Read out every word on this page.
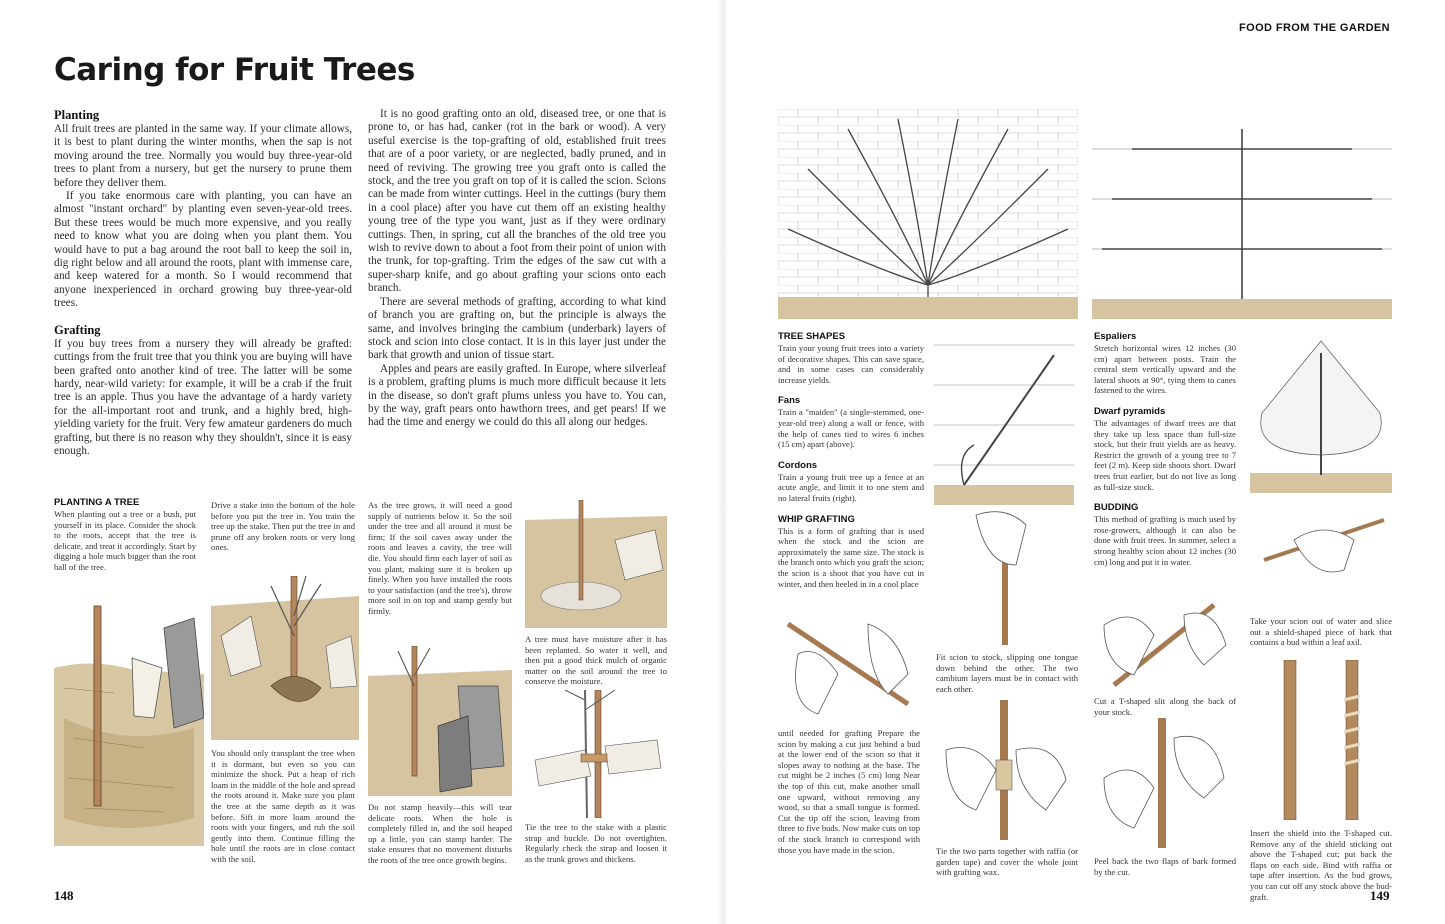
Caring for Fruit Trees
Planting

All fruit trees are planted in the same way. If your climate allows, it is best to plant during the winter months, when the sap is not moving around the tree. Normally you would buy three-year-old trees to plant from a nursery, but get the nursery to prune them before they deliver them.

If you take enormous care with planting, you can have an almost "instant orchard" by planting even seven-year-old trees. But these trees would be much more expensive, and you really need to know what you are doing when you plant them. You would have to put a bag around the root ball to keep the soil in, dig right below and all around the roots, plant with immense care, and keep watered for a month. So I would recommend that anyone inexperienced in orchard growing buy three-year-old trees.

Grafting

If you buy trees from a nursery they will already be grafted: cuttings from the fruit tree that you think you are buying will have been grafted onto another kind of tree. The latter will be some hardy, near-wild variety: for example, it will be a crab if the fruit tree is an apple. Thus you have the advantage of a hardy variety for the all-important root and trunk, and a highly bred, high-yielding variety for the fruit. Very few amateur gardeners do much grafting, but there is no reason why they shouldn't, since it is easy enough.

It is no good grafting onto an old, diseased tree, or one that is prone to, or has had, canker (rot in the bark or wood). A very useful exercise is the top-grafting of old, established fruit trees that are of a poor variety, or are neglected, badly pruned, and in need of reviving. The growing tree you graft onto is called the stock, and the tree you graft on top of it is called the scion. Scions can be made from winter cuttings. Heel in the cuttings (bury them in a cool place) after you have cut them off an existing healthy young tree of the type you want, just as if they were ordinary cuttings. Then, in spring, cut all the branches of the old tree you wish to revive down to about a foot from their point of union with the trunk, for top-grafting. Trim the edges of the saw cut with a super-sharp knife, and go about grafting your scions onto each branch.

There are several methods of grafting, according to what kind of branch you are grafting on, but the principle is always the same, and involves bringing the cambium (underbark) layers of stock and scion into close contact. It is in this layer just under the bark that growth and union of tissue start.

Apples and pears are easily grafted. In Europe, where silverleaf is a problem, grafting plums is much more difficult because it lets in the disease, so don't graft plums unless you have to. You can, by the way, graft pears onto hawthorn trees, and get pears! If we had the time and energy we could do this all along our hedges.

PLANTING A TREE

When planting out a tree or a bush, put yourself in its place. Consider the shock to the roots, accept that the tree is delicate, and treat it accordingly. Start by digging a hole much bigger than the root ball of the tree.

Drive a stake into the bottom of the hole before you put the tree in. You train the tree up the stake. Then put the tree in and prune off any broken roots or very long ones.

You should only transplant the tree when it is dormant, but even so you can minimize the shock. Put a heap of rich loam in the middle of the hole and spread the roots around it. Make sure you plant the tree at the same depth as it was before. Sift in more loam around the roots with your fingers, and rub the soil gently into them. Continue filling the hole until the roots are in close contact with the soil.

As the tree grows, it will need a good supply of nutrients below it. So the soil under the tree and all around it must be firm; If the soil caves away under the roots and leaves a cavity, the tree will die. You should firm each layer of soil as you plant, making sure it is broken up finely. When you have installed the roots to your satisfaction (and the tree's), throw more soil in on top and stamp gently but firmly.

Do not stamp heavily—this will tear delicate roots. When the hole is completely filled in, and the soil heaped up a little, you can stamp harder. The stake ensures that no movement disturbs the roots of the tree once growth begins.

A tree must have moisture after it has been replanted. So water it well, and then put a good thick mulch of organic matter on the soil around the tree to conserve the moisture.

Tie the tree to the stake with a plastic strap and buckle. Do not overtighten. Regularly check the strap and loosen it as the trunk grows and thickens.

148
FOOD FROM THE GARDEN
TREE SHAPES

Train your young fruit trees into a variety of decorative shapes. This can save space, and in some cases can considerably increase yields.

Fans

Train a "maiden" (a single-stemmed, one-year-old tree) along a wall or fence, with the help of canes tied to wires 6 inches (15 cm) apart (above).

Cordons

Train a young fruit tree up a fence at an acute angle, and limit it to one stem and no lateral fruits (right).

WHIP GRAFTING

This is a form of grafting that is used when the stock and the scion are approximately the same size. The stock is the branch onto which you graft the scion; the scion is a shoot that you have cut in winter, and then heeled in in a cool place

Espaliers

Stretch horizontal wires 12 inches (30 cm) apart between posts. Train the central stem vertically upward and the lateral shoots at 90°, tying them to canes fastened to the wires.

Dwarf pyramids

The advantages of dwarf trees are that they take up less space than full-size stock, but their fruit yields are as heavy. Restrict the growth of a young tree to 7 feet (2 m). Keep side shoots short. Dwarf trees fruit earlier, but do not live as long as full-size stock.

BUDDING

This method of grafting is much used by rose-growers, although it can also be done with fruit trees. In summer, select a strong healthy scion about 12 inches (30 cm) long and put it in water.

until needed for grafting Prepare the scion by making a cut just behind a bud at the lower end of the scion so that it slopes away to nothing at the base. The cut might be 2 inches (5 cm) long Near the top of this cut, make another small one upward, without removing any wood, so that a small tongue is formed. Cut the tip off the scion, leaving from three to five buds. Now make cuts on top of the stock branch to correspond with those you have made in the scion.

Fit scion to stock, slipping one tongue down behind the other. The two cambium layers must be in contact with each other.

Tie the two parts together with raffia (or garden tape) and cover the whole joint with grafting wax.

Take your scion out of water and slice out a shield-shaped piece of bark that contains a bud within a leaf axil.

Cut a T-shaped slit along the back of your stock.

Peel back the two flaps of bark formed by the cut.

Insert the shield into the T-shaped cut. Remove any of the shield sticking out above the T-shaped cut; put back the flaps on each side. Bind with raffia or tape after insertion. As the bud grows, you can cut off any stock above the bud-graft.	149
